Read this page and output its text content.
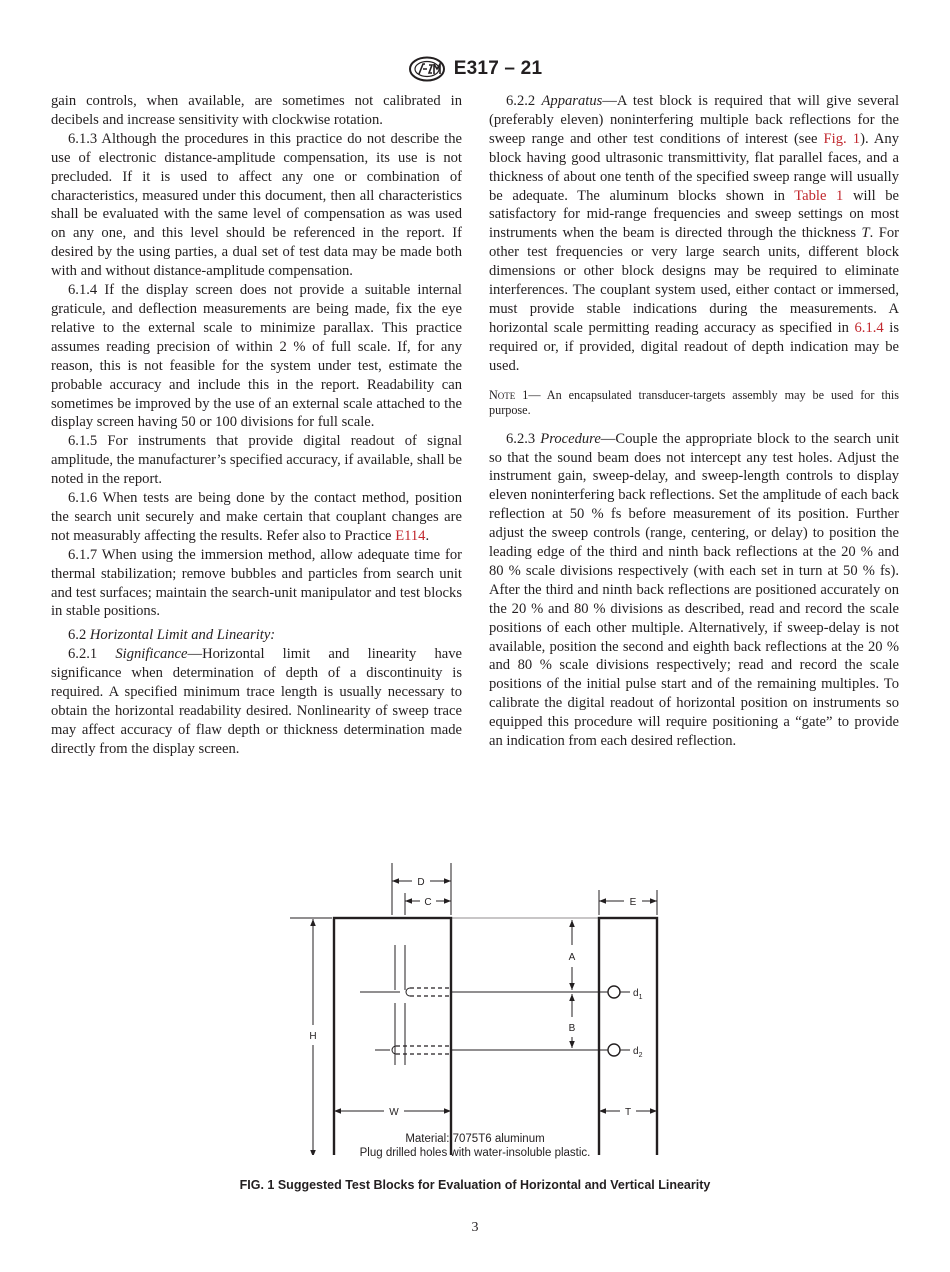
E317 – 21

gain controls, when available, are sometimes not calibrated in decibels and increase sensitivity with clockwise rotation.

6.1.3 Although the procedures in this practice do not describe the use of electronic distance-amplitude compensation, its use is not precluded. If it is used to affect any one or combination of characteristics, measured under this document, then all characteristics shall be evaluated with the same level of compensation as was used on any one, and this level should be referenced in the report. If desired by the using parties, a dual set of test data may be made both with and without distance-amplitude compensation.

6.1.4 If the display screen does not provide a suitable internal graticule, and deflection measurements are being made, fix the eye relative to the external scale to minimize parallax. This practice assumes reading precision of within 2 % of full scale. If, for any reason, this is not feasible for the system under test, estimate the probable accuracy and include this in the report. Readability can sometimes be improved by the use of an external scale attached to the display screen having 50 or 100 divisions for full scale.

6.1.5 For instruments that provide digital readout of signal amplitude, the manufacturer’s specified accuracy, if available, shall be noted in the report.

6.1.6 When tests are being done by the contact method, position the search unit securely and make certain that couplant changes are not measurably affecting the results. Refer also to Practice E114.

6.1.7 When using the immersion method, allow adequate time for thermal stabilization; remove bubbles and particles from search unit and test surfaces; maintain the search-unit manipulator and test blocks in stable positions.

6.2 Horizontal Limit and Linearity:

6.2.1 Significance—Horizontal limit and linearity have significance when determination of depth of a discontinuity is required. A specified minimum trace length is usually necessary to obtain the horizontal readability desired. Nonlinearity of sweep trace may affect accuracy of flaw depth or thickness determination made directly from the display screen.

6.2.2 Apparatus—A test block is required that will give several (preferably eleven) noninterfering multiple back reflections for the sweep range and other test conditions of interest (see Fig. 1). Any block having good ultrasonic transmittivity, flat parallel faces, and a thickness of about one tenth of the specified sweep range will usually be adequate. The aluminum blocks shown in Table 1 will be satisfactory for mid-range frequencies and sweep settings on most instruments when the beam is directed through the thickness T. For other test frequencies or very large search units, different block dimensions or other block designs may be required to eliminate interferences. The couplant system used, either contact or immersed, must provide stable indications during the measurements. A horizontal scale permitting reading accuracy as specified in 6.1.4 is required or, if provided, digital readout of depth indication may be used.

Note 1— An encapsulated transducer-targets assembly may be used for this purpose.

6.2.3 Procedure—Couple the appropriate block to the search unit so that the sound beam does not intercept any test holes. Adjust the instrument gain, sweep-delay, and sweep-length controls to display eleven noninterfering back reflections. Set the amplitude of each back reflection at 50 % fs before measurement of its position. Further adjust the sweep controls (range, centering, or delay) to position the leading edge of the third and ninth back reflections at the 20 % and 80 % scale divisions respectively (with each set in turn at 50 % fs). After the third and ninth back reflections are positioned accurately on the 20 % and 80 % divisions as described, read and record the scale positions of each other multiple. Alternatively, if sweep-delay is not available, position the second and eighth back reflections at the 20 % and 80 % scale divisions respectively; read and record the scale positions of the initial pulse start and of the remaining multiples. To calibrate the digital readout of horizontal position on instruments so equipped this procedure will require positioning a “gate” to provide an indication from each desired reflection.

D
C	E
A
B
H
$d_1$
$d_2$
W	T
Material: 7075T6 aluminum
Plug drilled holes with water-insoluble plastic.
FIG. 1 Suggested Test Blocks for Evaluation of Horizontal and Vertical Linearity
3
